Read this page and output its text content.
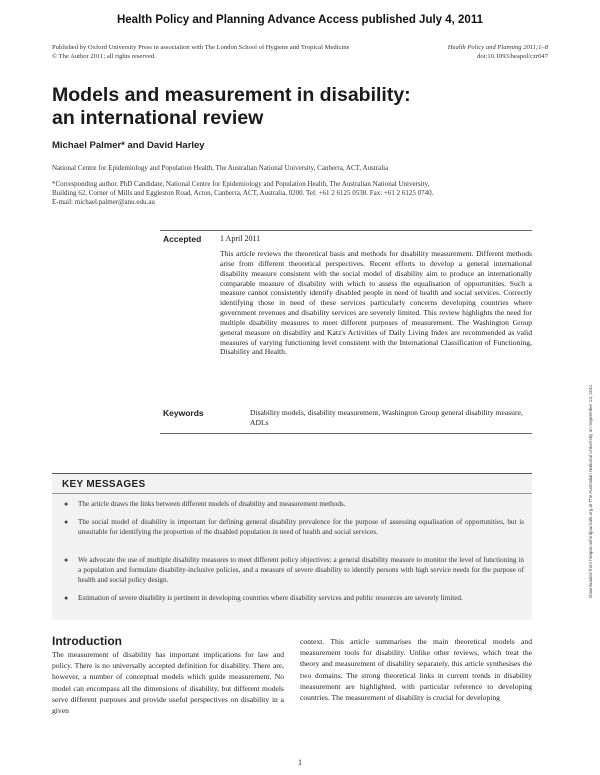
Health Policy and Planning Advance Access published July 4, 2011
Published by Oxford University Press in association with The London School of Hygiene and Tropical Medicine
© The Author 2011; all rights reserved.
Health Policy and Planning 2011;1–8
doi:10.1093/heapol/czr047
Models and measurement in disability:
an international review
Michael Palmer* and David Harley
National Centre for Epidemiology and Population Health, The Australian National University, Canberra, ACT, Australia
*Corresponding author. PhD Candidate, National Centre for Epidemiology and Population Health, The Australian National University,
Building 62, Corner of Mills and Eggleston Road, Acton, Canberra, ACT, Australia, 0200. Tel: +61 2 6125 0538. Fax: +61 2 6125 0740.
E-mail: michael.palmer@anu.edu.au
Accepted 1 April 2011
This article reviews the theoretical basis and methods for disability measurement. Different methods arise from different theoretical perspectives. Recent efforts to develop a general international disability measure consistent with the social model of disability aim to produce an internationally comparable measure of disability with which to assess the equalisation of opportunities. Such a measure cannot consistently identify disabled people in need of health and social services. Correctly identifying those in need of these services particularly concerns developing countries where government revenues and disability services are severely limited. This review highlights the need for multiple disability measures to meet different purposes of measurement. The Washington Group general measure on disability and Katz's Activities of Daily Living Index are recommended as valid measures of varying functioning level consistent with the International Classification of Functioning, Disability and Health.
Keywords	Disability models, disability measurement, Washington Group general disability measure, ADLs
KEY MESSAGES
● The article draws the links between different models of disability and measurement methods.
● The social model of disability is important for defining general disability prevalence for the purpose of assessing equalisation of opportunities, but is unsuitable for identifying the proportion of the disabled population in need of health and social services.
● We advocate the use of multiple disability measures to meet different policy objectives: a general disability measure to monitor the level of functioning in a population and formulate disability-inclusive policies, and a measure of severe disability to identify persons with high service needs for the purpose of health and social policy design.
● Estimation of severe disability is pertinent in developing countries where disability services and public resources are severely limited.
Introduction
The measurement of disability has important implications for law and policy. There is no universally accepted definition for disability. There are, however, a number of conceptual models which guide measurement. No model can encompass all the dimensions of disability, but different models serve different purposes and provide useful perspectives on disability in a given
context. This article summarises the main theoretical models and measurement tools for disability. Unlike other reviews, which treat the theory and measurement of disability separately, this article synthesises the two domains. The strong theoretical links in current trends in disability measurement are highlighted, with particular reference to developing countries. The measurement of disability is crucial for developing
1
Downloaded from heapol.oxfordjournals.org at The Australian National University on September 14, 2011
